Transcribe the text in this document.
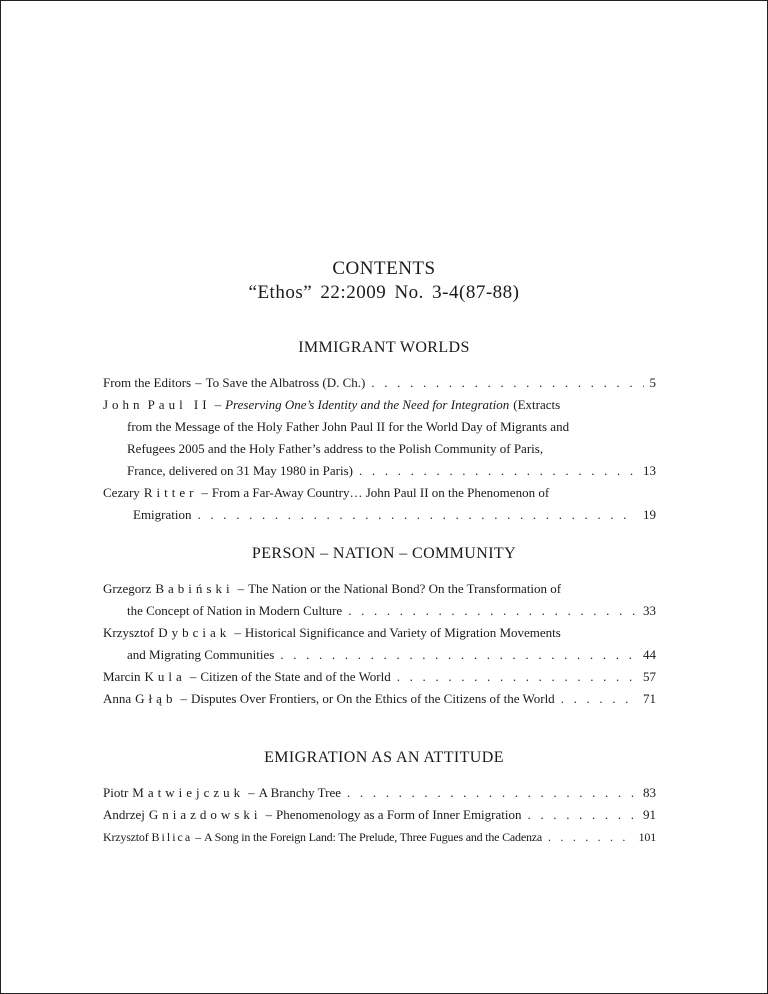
CONTENTS
“Ethos” 22:2009 No. 3-4(87-88)
IMMIGRANT WORLDS
From the Editors – To Save the Albatross (D. Ch.) . . .	5
John Paul II – Preserving One’s Identity and the Need for Integration (Extracts
from the Message of the Holy Father John Paul II for the World Day of Migrants and
Refugees 2005 and the Holy Father’s address to the Polish Community of Paris,
France, delivered on 31 May 1980 in Paris) . . .	13
Cezary Ritter – From a Far-Away Country… John Paul II on the Phenomenon of
Emigration . . .	19
PERSON – NATION – COMMUNITY
Grzegorz Babiński – The Nation or the National Bond? On the Transformation of
the Concept of Nation in Modern Culture . . .	33
Krzysztof Dybciak – Historical Significance and Variety of Migration Movements
and Migrating Communities . . .	44
Marcin Kula – Citizen of the State and of the World . . .	57
Anna Głąb – Disputes Over Frontiers, or On the Ethics of the Citizens of the World . . .	71
EMIGRATION AS AN ATTITUDE
Piotr Matwiejczuk – A Branchy Tree . . .	83
Andrzej Gniazdowski – Phenomenology as a Form of Inner Emigration . . .	91
Krzysztof Bilica – A Song in the Foreign Land: The Prelude, Three Fugues and the Cadenza . . .	101
